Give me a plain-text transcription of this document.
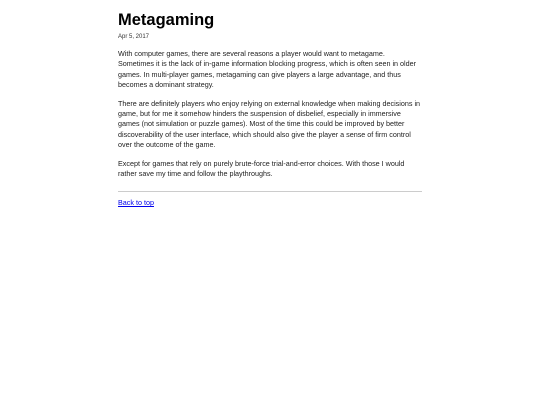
Metagaming
Apr 5, 2017

With computer games, there are several reasons a player would want to metagame. Sometimes it is the lack of in-game information blocking progress, which is often seen in older games. In multi-player games, metagaming can give players a large advantage, and thus becomes a dominant strategy.

There are definitely players who enjoy relying on external knowledge when making decisions in game, but for me it somehow hinders the suspension of disbelief, especially in immersive games (not simulation or puzzle games). Most of the time this could be improved by better discoverability of the user interface, which should also give the player a sense of firm control over the outcome of the game.

Except for games that rely on purely brute-force trial-and-error choices. With those I would rather save my time and follow the playthroughs.

Back to top
